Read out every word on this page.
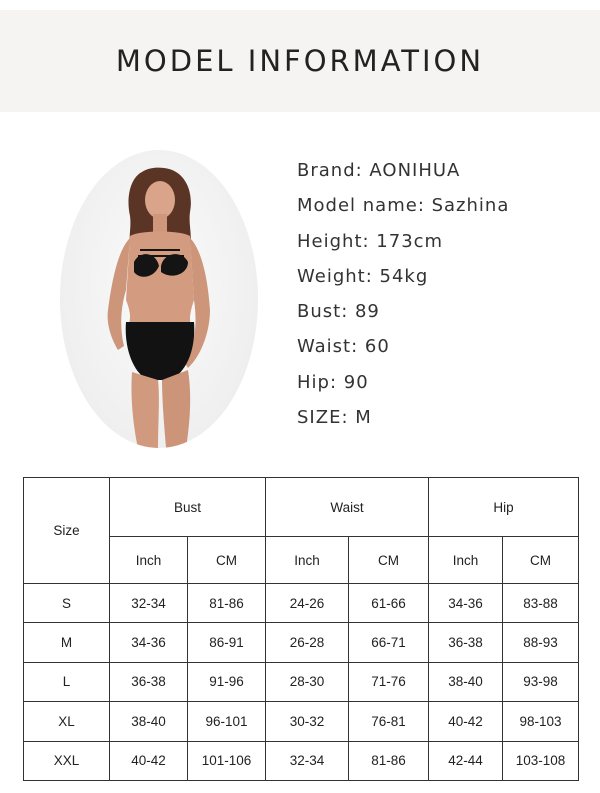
MODEL INFORMATION
Brand: AONIHUA
Model name: Sazhina
Height: 173cm
Weight: 54kg
Bust: 89
Waist: 60
Hip: 90
SIZE: M
Size	Bust		Waist		Hip	
	Inch	CM	Inch	CM	Inch	CM
S	32-34	81-86	24-26	61-66	34-36	83-88
M	34-36	86-91	26-28	66-71	36-38	88-93
L	36-38	91-96	28-30	71-76	38-40	93-98
XL	38-40	96-101	30-32	76-81	40-42	98-103
XXL	40-42	101-106	32-34	81-86	42-44	103-108
